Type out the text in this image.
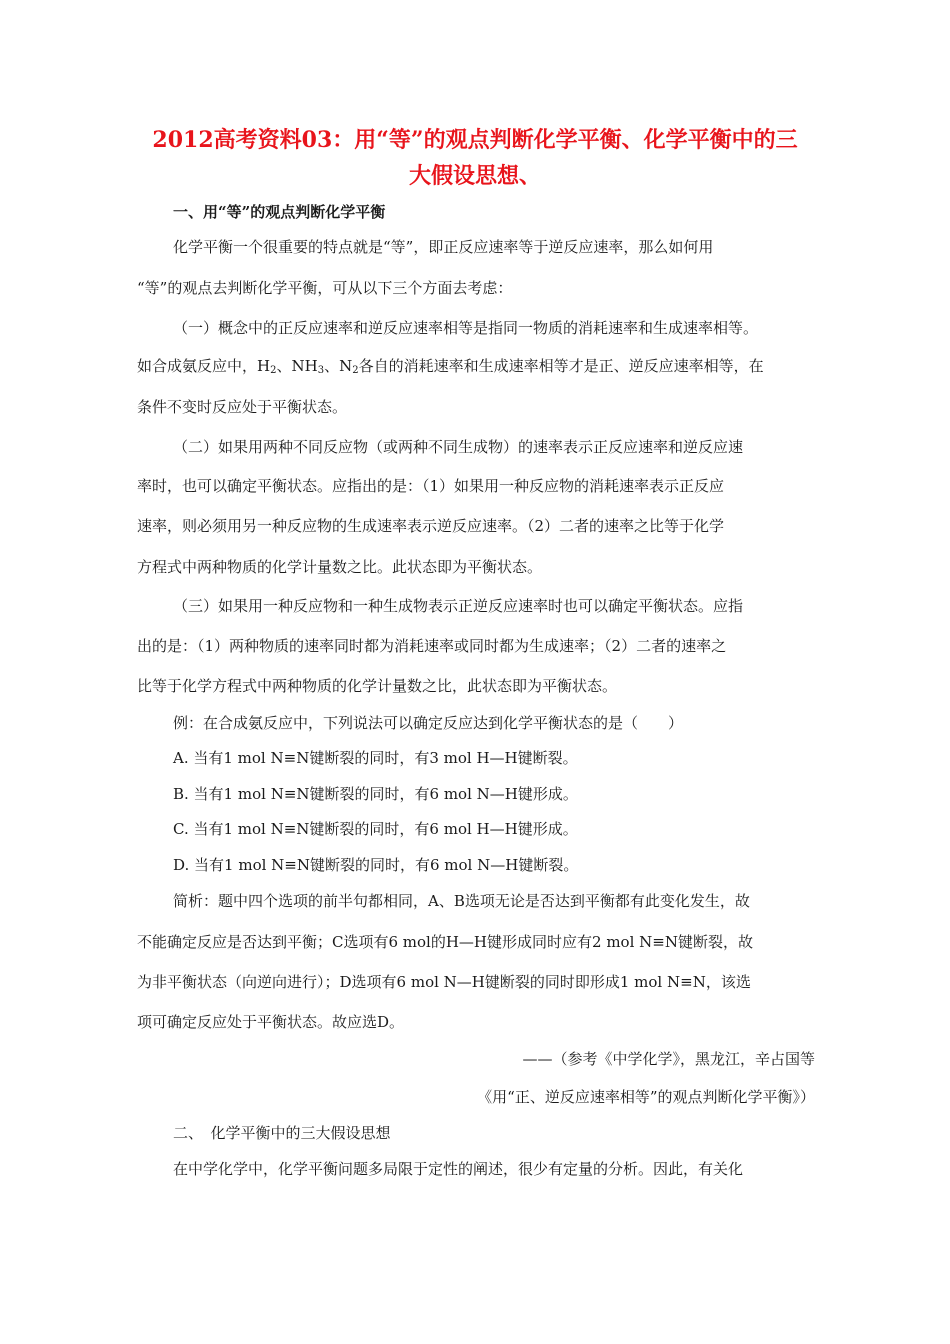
2012高考资料03：用“等”的观点判断化学平衡、化学平衡中的三
大假设思想、
一、用“等”的观点判断化学平衡
化学平衡一个很重要的特点就是“等”，即正反应速率等于逆反应速率，那么如何用
“等”的观点去判断化学平衡，可从以下三个方面去考虑：
（一）概念中的正反应速率和逆反应速率相等是指同一物质的消耗速率和生成速率相等。
如合成氨反应中，$H_2$、$NH_3$、$N_2$各自的消耗速率和生成速率相等才是正、逆反应速率相等，在
条件不变时反应处于平衡状态。
（二）如果用两种不同反应物（或两种不同生成物）的速率表示正反应速率和逆反应速
率时，也可以确定平衡状态。应指出的是：（1）如果用一种反应物的消耗速率表示正反应
速率，则必须用另一种反应物的生成速率表示逆反应速率。（2）二者的速率之比等于化学
方程式中两种物质的化学计量数之比。此状态即为平衡状态。
（三）如果用一种反应物和一种生成物表示正逆反应速率时也可以确定平衡状态。应指
出的是：（1）两种物质的速率同时都为消耗速率或同时都为生成速率；（2）二者的速率之
比等于化学方程式中两种物质的化学计量数之比，此状态即为平衡状态。
例：在合成氨反应中，下列说法可以确定反应达到化学平衡状态的是（　　）
A. 当有1 mol N≡N键断裂的同时，有3 mol H—H键断裂。
B. 当有1 mol N≡N键断裂的同时，有6 mol N—H键形成。
C. 当有1 mol N≡N键断裂的同时，有6 mol H—H键形成。
D. 当有1 mol N≡N键断裂的同时，有6 mol N—H键断裂。
简析：题中四个选项的前半句都相同，A、B选项无论是否达到平衡都有此变化发生，故
不能确定反应是否达到平衡；C选项有6 mol的H—H键形成同时应有2 mol N≡N键断裂，故
为非平衡状态（向逆向进行）；D选项有6 mol N—H键断裂的同时即形成1 mol N≡N，该选
项可确定反应处于平衡状态。故应选D。
——（参考《中学化学》，黑龙江，辛占国等
《用“正、逆反应速率相等”的观点判断化学平衡》）
二、　化学平衡中的三大假设思想
在中学化学中，化学平衡问题多局限于定性的阐述，很少有定量的分析。因此，有关化
